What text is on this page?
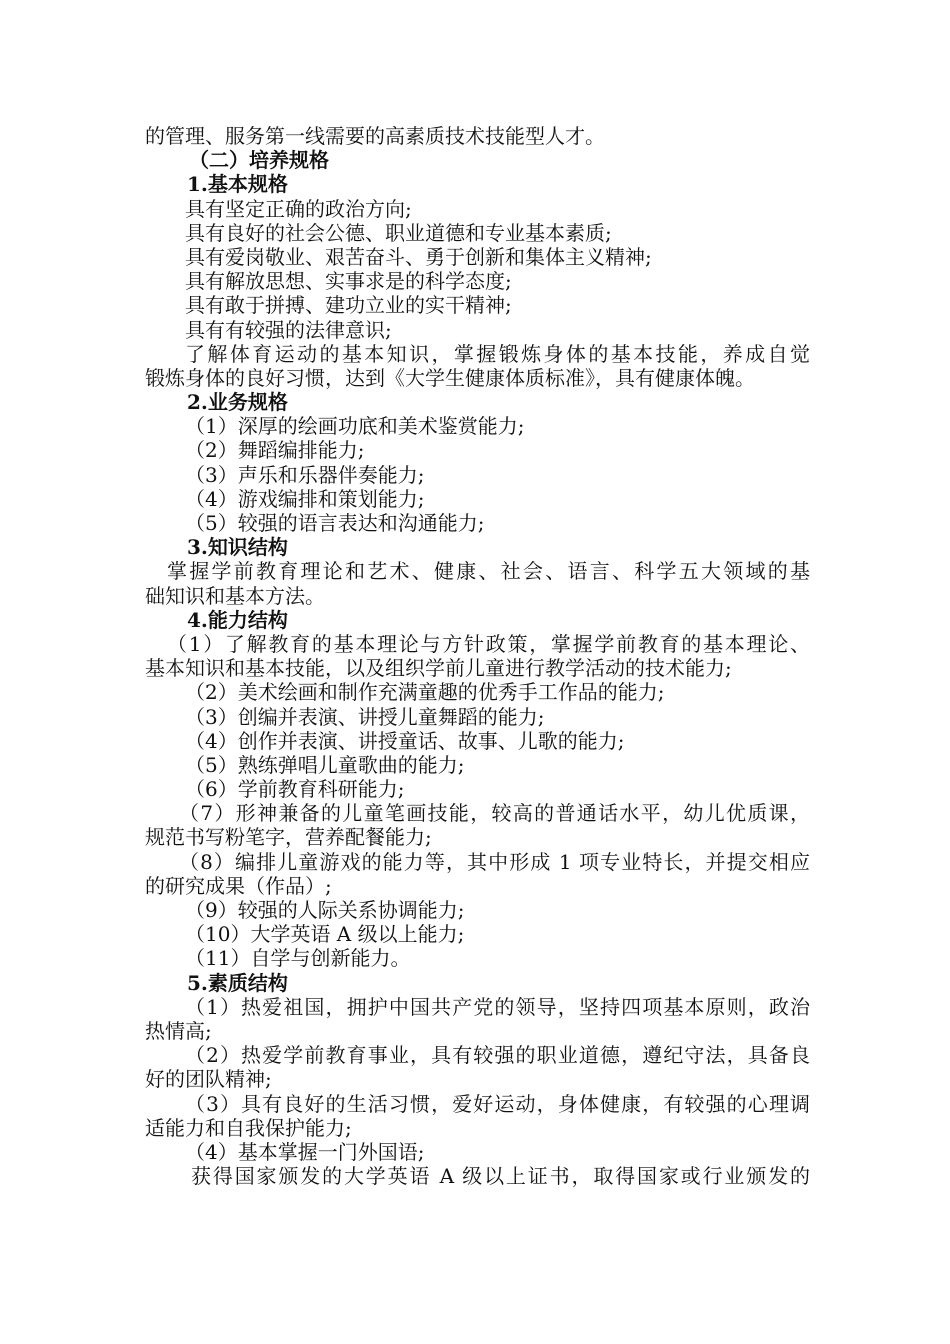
的管理、服务第一线需要的高素质技术技能型人才。
（二）培养规格
1.基本规格
具有坚定正确的政治方向;
具有良好的社会公德、职业道德和专业基本素质;
具有爱岗敬业、艰苦奋斗、勇于创新和集体主义精神;
具有解放思想、实事求是的科学态度;
具有敢于拼搏、建功立业的实干精神;
具有有较强的法律意识;
了解体育运动的基本知识，掌握锻炼身体的基本技能，养成自觉
锻炼身体的良好习惯，达到《大学生健康体质标准》，具有健康体魄。
2.业务规格
（1）深厚的绘画功底和美术鉴赏能力;
（2）舞蹈编排能力;
（3）声乐和乐器伴奏能力;
（4）游戏编排和策划能力;
（5）较强的语言表达和沟通能力;
3.知识结构
掌握学前教育理论和艺术、健康、社会、语言、科学五大领域的基
础知识和基本方法。
4.能力结构
（1）了解教育的基本理论与方针政策，掌握学前教育的基本理论、
基本知识和基本技能，以及组织学前儿童进行教学活动的技术能力;
（2）美术绘画和制作充满童趣的优秀手工作品的能力;
（3）创编并表演、讲授儿童舞蹈的能力;
（4）创作并表演、讲授童话、故事、儿歌的能力;
（5）熟练弹唱儿童歌曲的能力;
（6）学前教育科研能力;
（7）形神兼备的儿童笔画技能，较高的普通话水平，幼儿优质课，
规范书写粉笔字，营养配餐能力;
（8）编排儿童游戏的能力等，其中形成 1 项专业特长，并提交相应
的研究成果（作品）;
（9）较强的人际关系协调能力;
（10）大学英语 A 级以上能力;
（11）自学与创新能力。
5.素质结构
（1）热爱祖国，拥护中国共产党的领导，坚持四项基本原则，政治
热情高;
（2）热爱学前教育事业，具有较强的职业道德，遵纪守法，具备良
好的团队精神;
（3）具有良好的生活习惯，爱好运动，身体健康，有较强的心理调
适能力和自我保护能力;
（4）基本掌握一门外国语;
获得国家颁发的大学英语 A 级以上证书，取得国家或行业颁发的
